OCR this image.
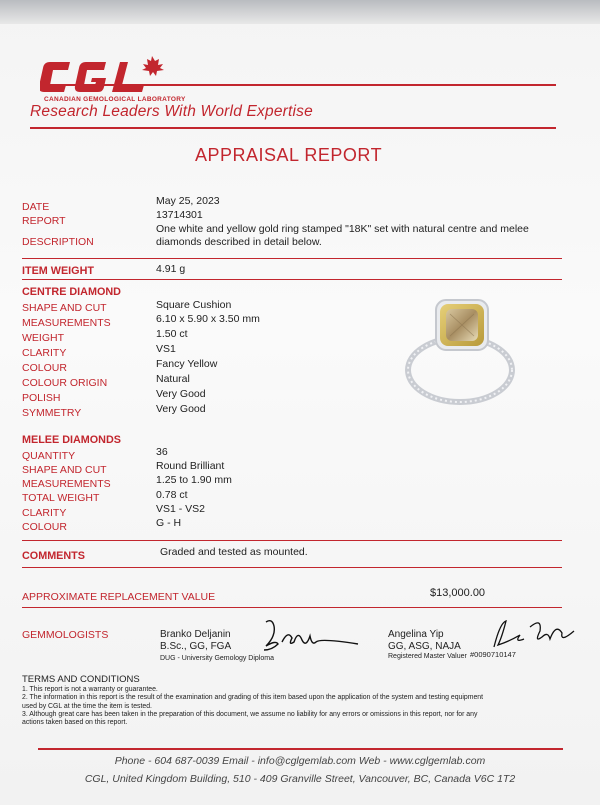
CANADIAN GEMOLOGICAL LABORATORY
Research Leaders With World Expertise
APPRAISAL REPORT
DATE	May 25, 2023
REPORT	13714301
DESCRIPTION
One white and yellow gold ring stamped "18K" set with natural centre and melee
diamonds described in detail below.
ITEM WEIGHT	4.91 g
CENTRE DIAMOND
SHAPE AND CUT	Square Cushion
MEASUREMENTS	6.10 x 5.90 x 3.50 mm
WEIGHT	1.50 ct
CLARITY	VS1
COLOUR	Fancy Yellow
COLOUR ORIGIN	Natural
POLISH	Very Good
SYMMETRY	Very Good
MELEE DIAMONDS
QUANTITY	36
SHAPE AND CUT	Round Brilliant
MEASUREMENTS	1.25 to 1.90 mm
TOTAL WEIGHT	0.78 ct
CLARITY	VS1 - VS2
COLOUR	G - H
COMMENTS	Graded and tested as mounted.
APPROXIMATE REPLACEMENT VALUE	$13,000.00
GEMMOLOGISTS	Branko Deljanin
B.Sc., GG, FGA
DUG - University Gemology Diploma
Angelina Yip
GG, ASG, NAJA
Registered Master Valuer #0090710147
TERMS AND CONDITIONS
1. This report is not a warranty or guarantee.
2. The information in this report is the result of the examination and grading of this item based upon the application of the system and testing equipment
used by CGL at the time the item is tested.
3. Although great care has been taken in the preparation of this document, we assume no liability for any errors or omissions in this report, nor for any
actions taken based on this report.
Phone - 604 687-0039 Email - info@cglgemlab.com Web - www.cglgemlab.com
CGL, United Kingdom Building, 510 - 409 Granville Street, Vancouver, BC, Canada V6C 1T2
